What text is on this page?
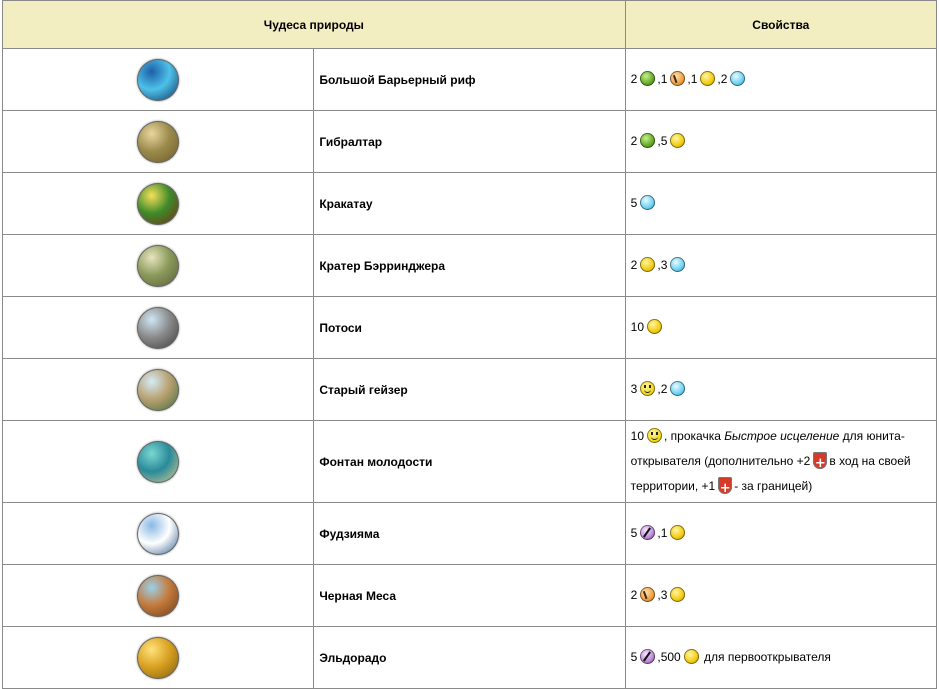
Чудеса природы		Свойства
	Большой Барьерный риф	2 ,1 ,1 ,2
	Гибралтар	2 ,5
	Кракатау	5
	Кратер Бэрринджера	2 ,3
	Потоси	10
	Старый гейзер	3 ,2
	Фонтан молодости	10 , прокачка Быстрое исцеление для юнита-открывателя (дополнительно +2 + в ход на своей территории, +1 + - за границей)
	Фудзияма	5 ,1
	Черная Меса	2 ,3
	Эльдорадо	5 ,500 для первооткрывателя
